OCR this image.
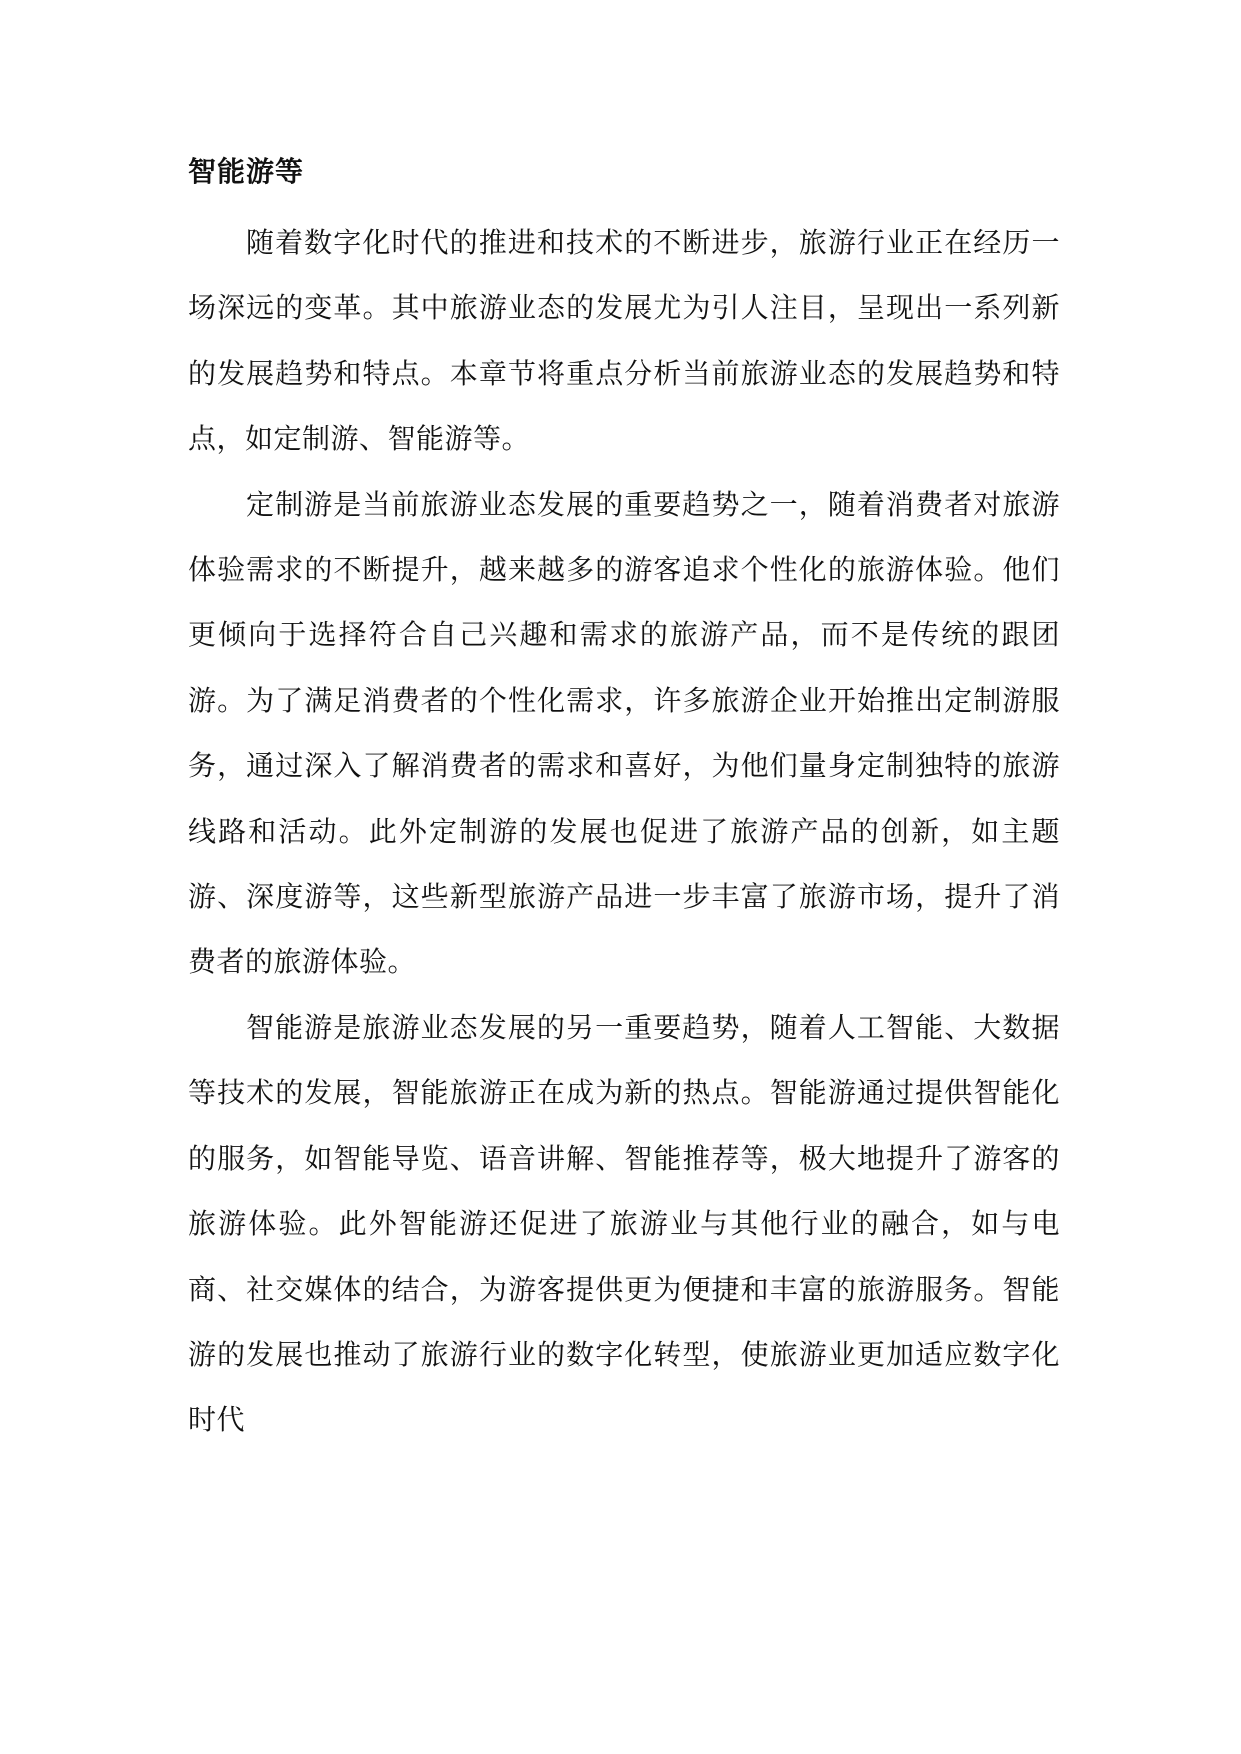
智能游等

随着数字化时代的推进和技术的不断进步，旅游行业正在经历一场深远的变革。其中旅游业态的发展尤为引人注目，呈现出一系列新的发展趋势和特点。本章节将重点分析当前旅游业态的发展趋势和特点，如定制游、智能游等。

定制游是当前旅游业态发展的重要趋势之一，随着消费者对旅游体验需求的不断提升，越来越多的游客追求个性化的旅游体验。他们更倾向于选择符合自己兴趣和需求的旅游产品，而不是传统的跟团游。为了满足消费者的个性化需求，许多旅游企业开始推出定制游服务，通过深入了解消费者的需求和喜好，为他们量身定制独特的旅游线路和活动。此外定制游的发展也促进了旅游产品的创新，如主题游、深度游等，这些新型旅游产品进一步丰富了旅游市场，提升了消费者的旅游体验。

智能游是旅游业态发展的另一重要趋势，随着人工智能、大数据等技术的发展，智能旅游正在成为新的热点。智能游通过提供智能化的服务，如智能导览、语音讲解、智能推荐等，极大地提升了游客的旅游体验。此外智能游还促进了旅游业与其他行业的融合，如与电商、社交媒体的结合，为游客提供更为便捷和丰富的旅游服务。智能游的发展也推动了旅游行业的数字化转型，使旅游业更加适应数字化时代
